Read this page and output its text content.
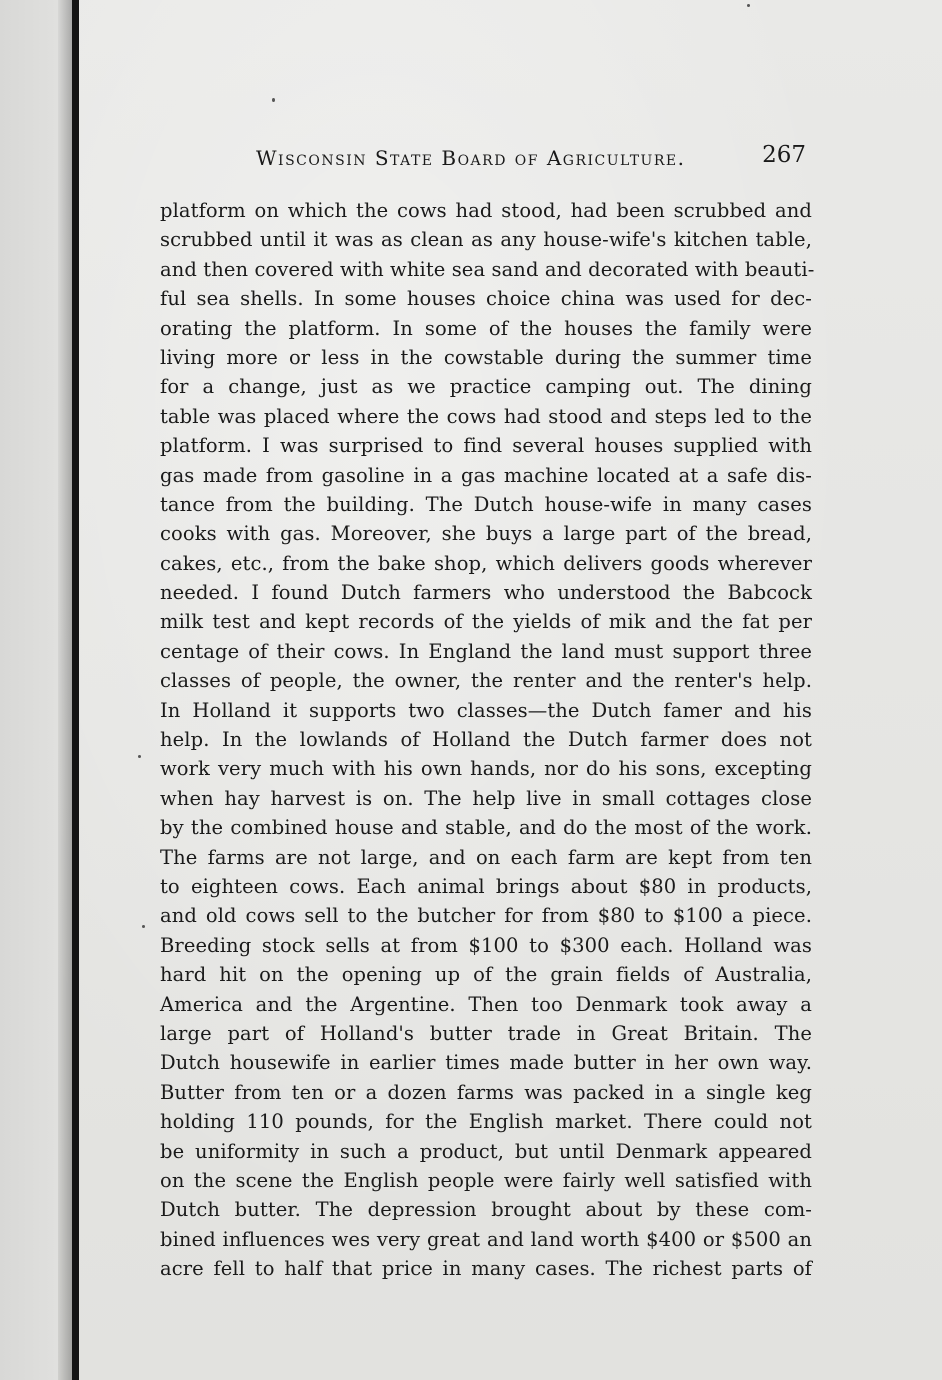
Wisconsin State Board of Agriculture.	267
platform on which the cows had stood, had been scrubbed and
scrubbed until it was as clean as any house-wife's kitchen table,
and then covered with white sea sand and decorated with beauti-
ful sea shells. In some houses choice china was used for dec-
orating the platform. In some of the houses the family were
living more or less in the cowstable during the summer time
for a change, just as we practice camping out. The dining
table was placed where the cows had stood and steps led to the
platform. I was surprised to find several houses supplied with
gas made from gasoline in a gas machine located at a safe dis-
tance from the building. The Dutch house-wife in many cases
cooks with gas. Moreover, she buys a large part of the bread,
cakes, etc., from the bake shop, which delivers goods wherever
needed. I found Dutch farmers who understood the Babcock
milk test and kept records of the yields of mik and the fat per
centage of their cows. In England the land must support three
classes of people, the owner, the renter and the renter's help.
In Holland it supports two classes—the Dutch famer and his
help. In the lowlands of Holland the Dutch farmer does not
work very much with his own hands, nor do his sons, excepting
when hay harvest is on. The help live in small cottages close
by the combined house and stable, and do the most of the work.
The farms are not large, and on each farm are kept from ten
to eighteen cows. Each animal brings about $80 in products,
and old cows sell to the butcher for from $80 to $100 a piece.
Breeding stock sells at from $100 to $300 each. Holland was
hard hit on the opening up of the grain fields of Australia,
America and the Argentine. Then too Denmark took away a
large part of Holland's butter trade in Great Britain. The
Dutch housewife in earlier times made butter in her own way.
Butter from ten or a dozen farms was packed in a single keg
holding 110 pounds, for the English market. There could not
be uniformity in such a product, but until Denmark appeared
on the scene the English people were fairly well satisfied with
Dutch butter. The depression brought about by these com-
bined influences wes very great and land worth $400 or $500 an
acre fell to half that price in many cases. The richest parts of
